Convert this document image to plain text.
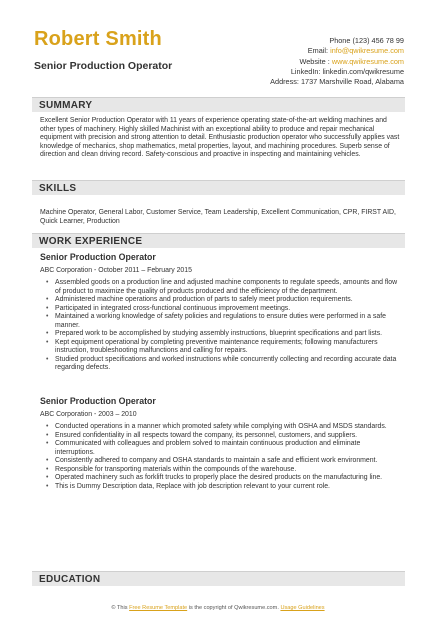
Robert Smith
Senior Production Operator
Phone (123) 456 78 99
Email: info@qwikresume.com
Website : www.qwikresume.com
LinkedIn: linkedin.com/qwikresume
Address: 1737 Marshville Road, Alabama
SUMMARY
Excellent Senior Production Operator with 11 years of experience operating state-of-the-art welding machines and other types of machinery. Highly skilled Machinist with an exceptional ability to produce and repair mechanical equipment with precision and strong attention to detail. Enthusiastic production operator who successfully applies vast knowledge of mechanics, shop mathematics, metal properties, layout, and machining procedures. Superb sense of direction and clean driving record. Safety-conscious and proactive in inspecting and maintaining vehicles.
SKILLS
Machine Operator, General Labor, Customer Service, Team Leadership, Excellent Communication, CPR, FIRST AID, Quick Learner, Production
WORK EXPERIENCE
Senior Production Operator
ABC Corporation - October 2011 – February 2015
• Assembled goods on a production line and adjusted machine components to regulate speeds, amounts and flow of product to maximize the quality of products produced and the efficiency of the department.
• Administered machine operations and production of parts to safely meet production requirements.
• Participated in integrated cross-functional continuous improvement meetings.
• Maintained a working knowledge of safety policies and regulations to ensure duties were performed in a safe manner.
• Prepared work to be accomplished by studying assembly instructions, blueprint specifications and part lists.
• Kept equipment operational by completing preventive maintenance requirements; following manufacturers instruction, troubleshooting malfunctions and calling for repairs.
• Studied product specifications and worked instructions while concurrently collecting and recording accurate data regarding defects.
Senior Production Operator
ABC Corporation - 2003 – 2010
• Conducted operations in a manner which promoted safety while complying with OSHA and MSDS standards.
• Ensured confidentiality in all respects toward the company, its personnel, customers, and suppliers.
• Communicated with colleagues and problem solved to maintain continuous production and eliminate interruptions.
• Consistently adhered to company and OSHA standards to maintain a safe and efficient work environment.
• Responsible for transporting materials within the compounds of the warehouse.
• Operated machinery such as forklift trucks to properly place the desired products on the manufacturing line.
• This is Dummy Description data, Replace with job description relevant to your current role.
EDUCATION
© This Free Resume Template is the copyright of Qwikresume.com. Usage Guidelines
